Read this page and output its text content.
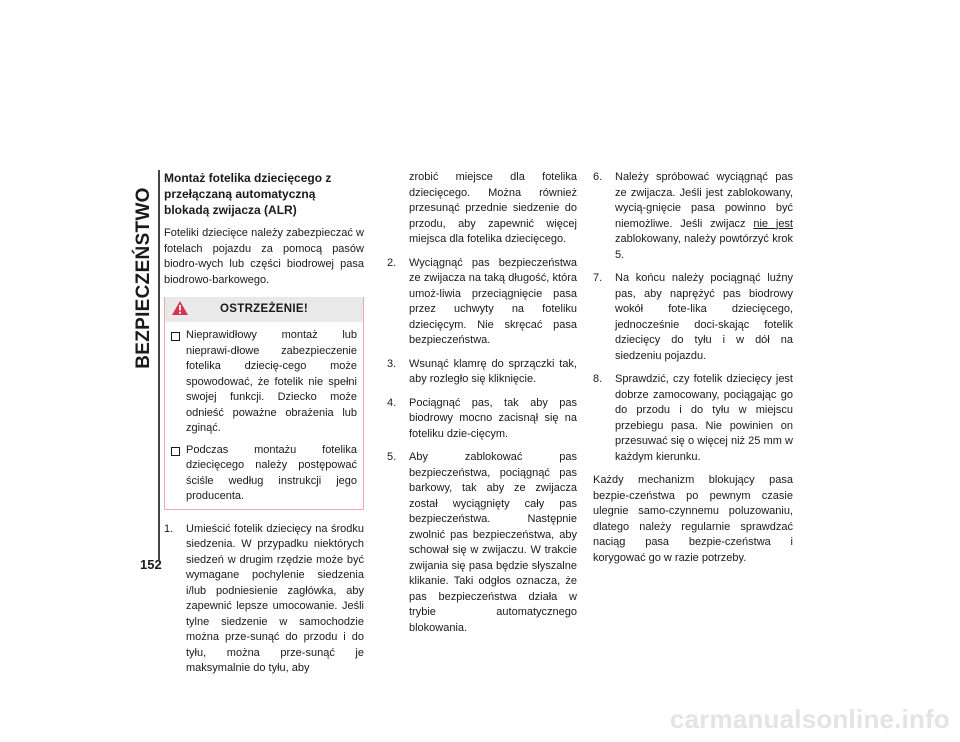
BEZPIECZEŃSTWO
152
Montaż fotelika dziecięcego z przełączaną automatyczną blokadą zwijacza (ALR)

Foteliki dziecięce należy zabezpieczać w fotelach pojazdu za pomocą pasów biodro-wych lub części biodrowej pasa biodrowo-barkowego.

OSTRZEŻENIE!

Nieprawidłowy montaż lub nieprawi-dłowe zabezpieczenie fotelika dziecię-cego może spowodować, że fotelik nie spełni swojej funkcji. Dziecko może odnieść poważne obrażenia lub zginąć.

Podczas montażu fotelika dziecięcego należy postępować ściśle według instrukcji jego producenta.

1.	Umieścić fotelik dziecięcy na środku siedzenia. W przypadku niektórych siedzeń w drugim rzędzie może być wymagane pochylenie siedzenia i/lub podniesienie zagłówka, aby zapewnić lepsze umocowanie. Jeśli tylne siedzenie w samochodzie można prze-sunąć do przodu i do tyłu, można prze-sunąć je maksymalnie do tyłu, aby

zrobić miejsce dla fotelika dziecięcego. Można również przesunąć przednie siedzenie do przodu, aby zapewnić więcej miejsca dla fotelika dziecięcego.

2.	Wyciągnąć pas bezpieczeństwa ze zwijacza na taką długość, która umoż-liwia przeciągnięcie pasa przez uchwyty na foteliku dziecięcym. Nie skręcać pasa bezpieczeństwa.

3.	Wsunąć klamrę do sprzączki tak, aby rozległo się kliknięcie.

4.	Pociągnąć pas, tak aby pas biodrowy mocno zacisnął się na foteliku dzie-cięcym.

5.	Aby zablokować pas bezpieczeństwa, pociągnąć pas barkowy, tak aby ze zwijacza został wyciągnięty cały pas bezpieczeństwa. Następnie zwolnić pas bezpieczeństwa, aby schował się w zwijaczu. W trakcie zwijania się pasa będzie słyszalne klikanie. Taki odgłos oznacza, że pas bezpieczeństwa działa w trybie automatycznego blokowania.

6.	Należy spróbować wyciągnąć pas ze zwijacza. Jeśli jest zablokowany, wycią-gnięcie pasa powinno być niemożliwe. Jeśli zwijacz nie jest zablokowany, należy powtórzyć krok 5.

7.	Na końcu należy pociągnąć luźny pas, aby naprężyć pas biodrowy wokół fote-lika dziecięcego, jednocześnie doci-skając fotelik dziecięcy do tyłu i w dół na siedzeniu pojazdu.

8.	Sprawdzić, czy fotelik dziecięcy jest dobrze zamocowany, pociągając go do przodu i do tyłu w miejscu przebiegu pasa. Nie powinien on przesuwać się o więcej niż 25 mm w każdym kierunku.

Każdy mechanizm blokujący pasa bezpie-czeństwa po pewnym czasie ulegnie samo-czynnemu poluzowaniu, dlatego należy regularnie sprawdzać naciąg pasa bezpie-czeństwa i korygować go w razie potrzeby.

carmanualsonline.info
